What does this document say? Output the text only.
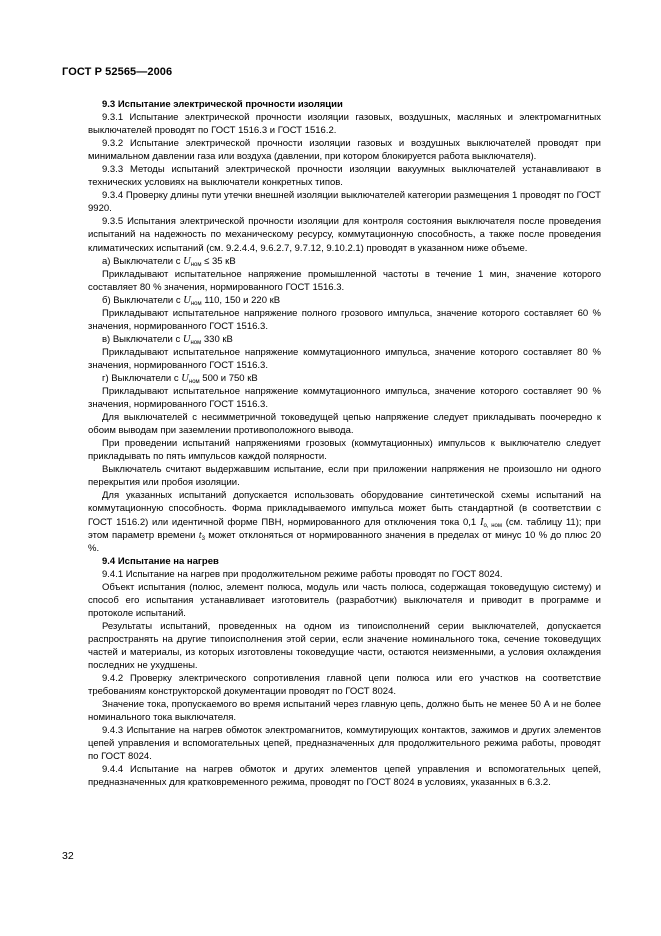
ГОСТ Р 52565—2006

9.3 Испытание электрической прочности изоляции

9.3.1 Испытание электрической прочности изоляции газовых, воздушных, масляных и электромагнитных выключателей проводят по ГОСТ 1516.3 и ГОСТ 1516.2.

9.3.2 Испытание электрической прочности изоляции газовых и воздушных выключателей проводят при минимальном давлении газа или воздуха (давлении, при котором блокируется работа выключателя).

9.3.3 Методы испытаний электрической прочности изоляции вакуумных выключателей устанавливают в технических условиях на выключатели конкретных типов.

9.3.4 Проверку длины пути утечки внешней изоляции выключателей категории размещения 1 проводят по ГОСТ 9920.

9.3.5 Испытания электрической прочности изоляции для контроля состояния выключателя после проведения испытаний на надежность по механическому ресурсу, коммутационную способность, а также после проведения климатических испытаний (см. 9.2.4.4, 9.6.2.7, 9.7.12, 9.10.2.1) проводят в указанном ниже объеме.

а) Выключатели с $U_{ном} \le 35$ кВ

Прикладывают испытательное напряжение промышленной частоты в течение 1 мин, значение которого составляет 80 % значения, нормированного ГОСТ 1516.3.

б) Выключатели с $U_{ном}$ 110, 150 и 220 кВ

Прикладывают испытательное напряжение полного грозового импульса, значение которого составляет 60 % значения, нормированного ГОСТ 1516.3.

в) Выключатели с $U_{ном}$ 330 кВ

Прикладывают испытательное напряжение коммутационного импульса, значение которого составляет 80 % значения, нормированного ГОСТ 1516.3.

г) Выключатели с $U_{ном}$ 500 и 750 кВ

Прикладывают испытательное напряжение коммутационного импульса, значение которого составляет 90 % значения, нормированного ГОСТ 1516.3.

Для выключателей с несимметричной токоведущей цепью напряжение следует прикладывать поочередно к обоим выводам при заземлении противоположного вывода.

При проведении испытаний напряжениями грозовых (коммутационных) импульсов к выключателю следует прикладывать по пять импульсов каждой полярности.

Выключатель считают выдержавшим испытание, если при приложении напряжения не произошло ни одного перекрытия или пробоя изоляции.

Для указанных испытаний допускается использовать оборудование синтетической схемы испытаний на коммутационную способность. Форма прикладываемого импульса может быть стандартной (в соответствии с ГОСТ 1516.2) или идентичной форме ПВН, нормированного для отключения тока 0,1 $I_{о, ном}$ (см. таблицу 11); при этом параметр времени $t_3$ может отклоняться от нормированного значения в пределах от минус 10 % до плюс 20 %.

9.4 Испытание на нагрев

9.4.1 Испытание на нагрев при продолжительном режиме работы проводят по ГОСТ 8024.

Объект испытания (полюс, элемент полюса, модуль или часть полюса, содержащая токоведущую систему) и способ его испытания устанавливает изготовитель (разработчик) выключателя и приводит в программе и протоколе испытаний.

Результаты испытаний, проведенных на одном из типоисполнений серии выключателей, допускается распространять на другие типоисполнения этой серии, если значение номинального тока, сечение токоведущих частей и материалы, из которых изготовлены токоведущие части, остаются неизменными, а условия охлаждения последних не ухудшены.

9.4.2 Проверку электрического сопротивления главной цепи полюса или его участков на соответствие требованиям конструкторской документации проводят по ГОСТ 8024.

Значение тока, пропускаемого во время испытаний через главную цепь, должно быть не менее 50 А и не более номинального тока выключателя.

9.4.3 Испытание на нагрев обмоток электромагнитов, коммутирующих контактов, зажимов и других элементов цепей управления и вспомогательных цепей, предназначенных для продолжительного режима работы, проводят по ГОСТ 8024.

9.4.4 Испытание на нагрев обмоток и других элементов цепей управления и вспомогательных цепей, предназначенных для кратковременного режима, проводят по ГОСТ 8024 в условиях, указанных в 6.3.2.

32
